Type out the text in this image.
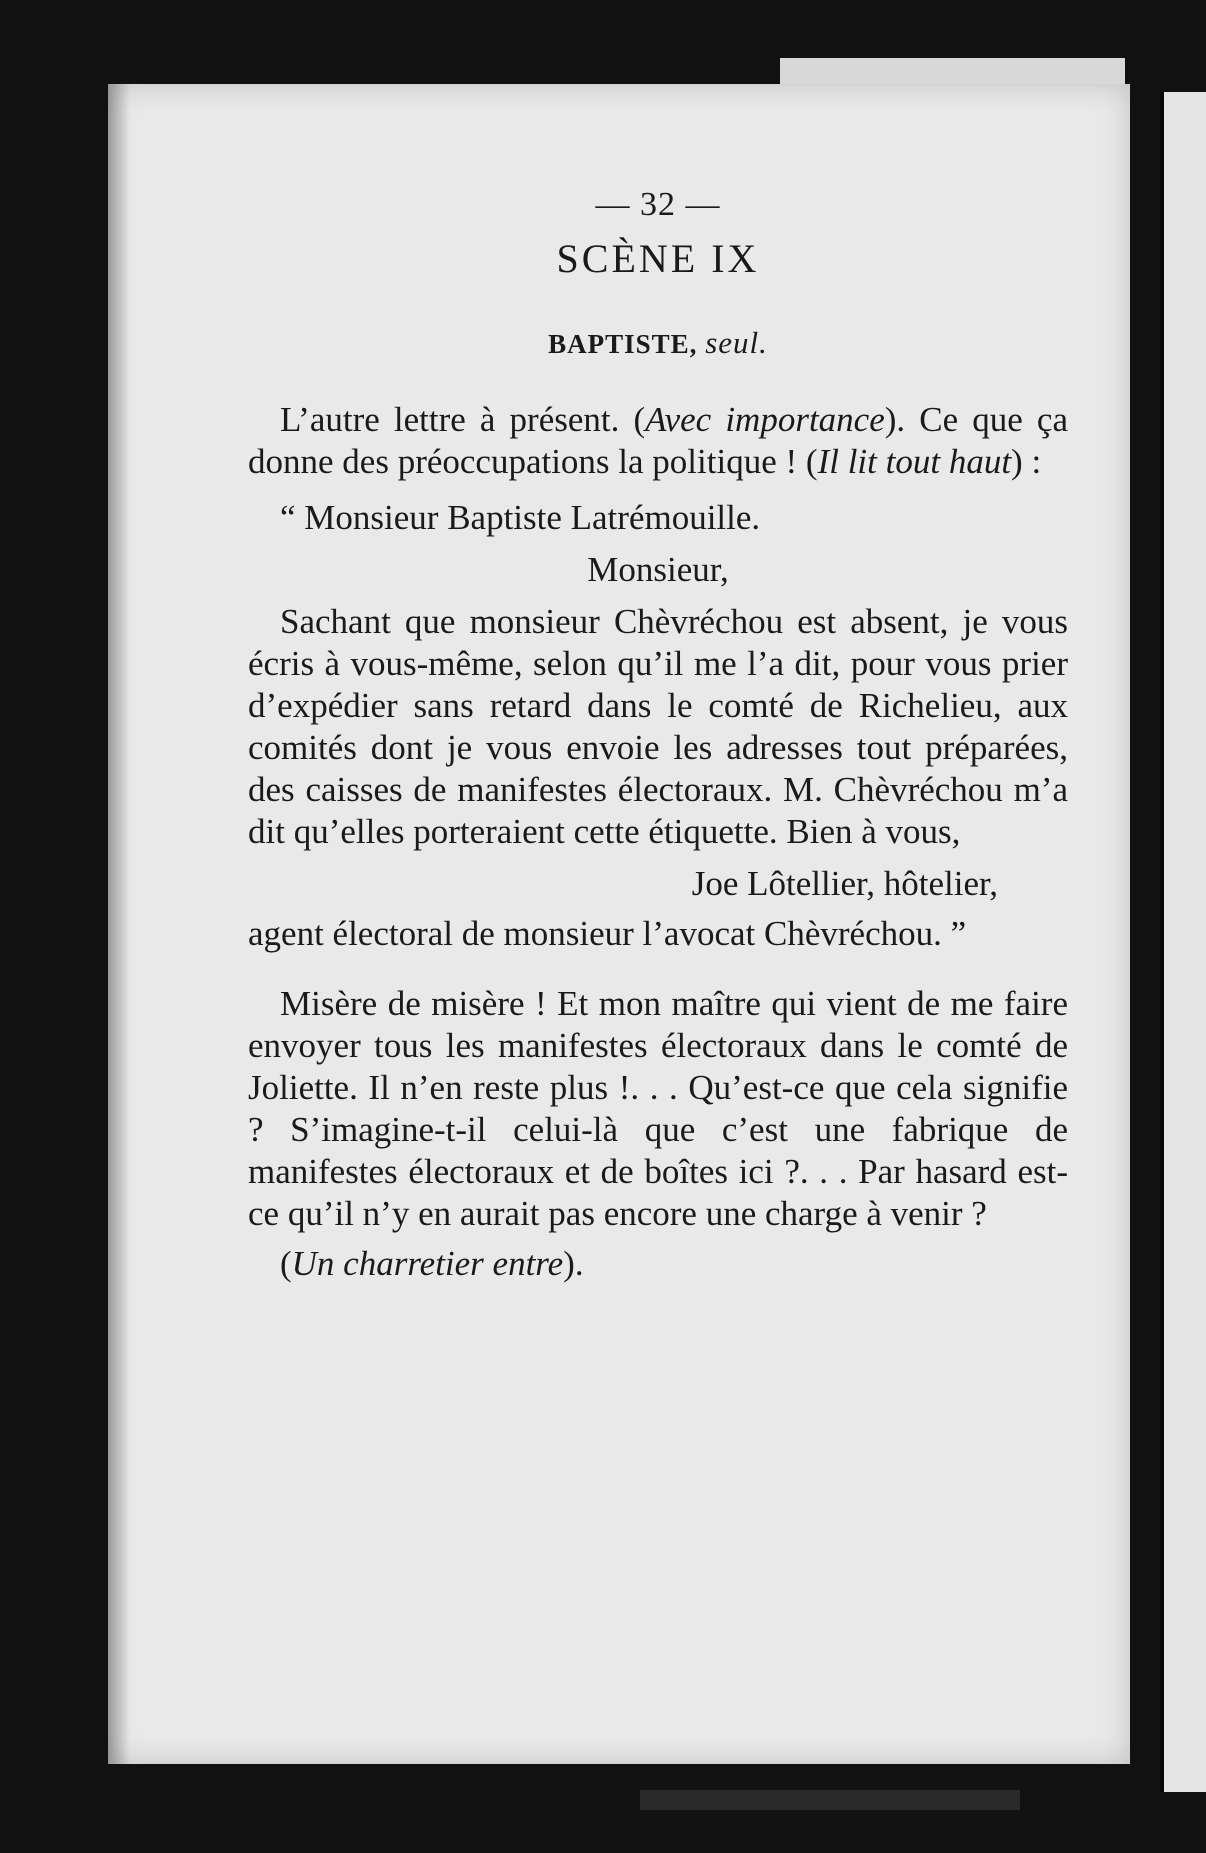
— 32 —
SCÈNE IX
BAPTISTE, seul.

L’autre lettre à présent. (Avec importance). Ce que ça donne des préoccupations la politique ! (Il lit tout haut) :

“ Monsieur Baptiste Latrémouille.

Monsieur,

Sachant que monsieur Chèvréchou est absent, je vous écris à vous-même, selon qu’il me l’a dit, pour vous prier d’expédier sans retard dans le comté de Richelieu, aux comités dont je vous envoie les adresses tout préparées, des caisses de manifestes électoraux. M. Chèvréchou m’a dit qu’elles porteraient cette étiquette. Bien à vous,

Joe Lôtellier, hôtelier,

agent électoral de monsieur l’avocat Chèvréchou. ”

Misère de misère ! Et mon maître qui vient de me faire envoyer tous les manifestes électoraux dans le comté de Joliette. Il n’en reste plus !. . . Qu’est-ce que cela signifie ? S’imagine-t-il celui-là que c’est une fabrique de manifestes électoraux et de boîtes ici ?. . . Par hasard est-ce qu’il n’y en aurait pas encore une charge à venir ?

(Un charretier entre).
